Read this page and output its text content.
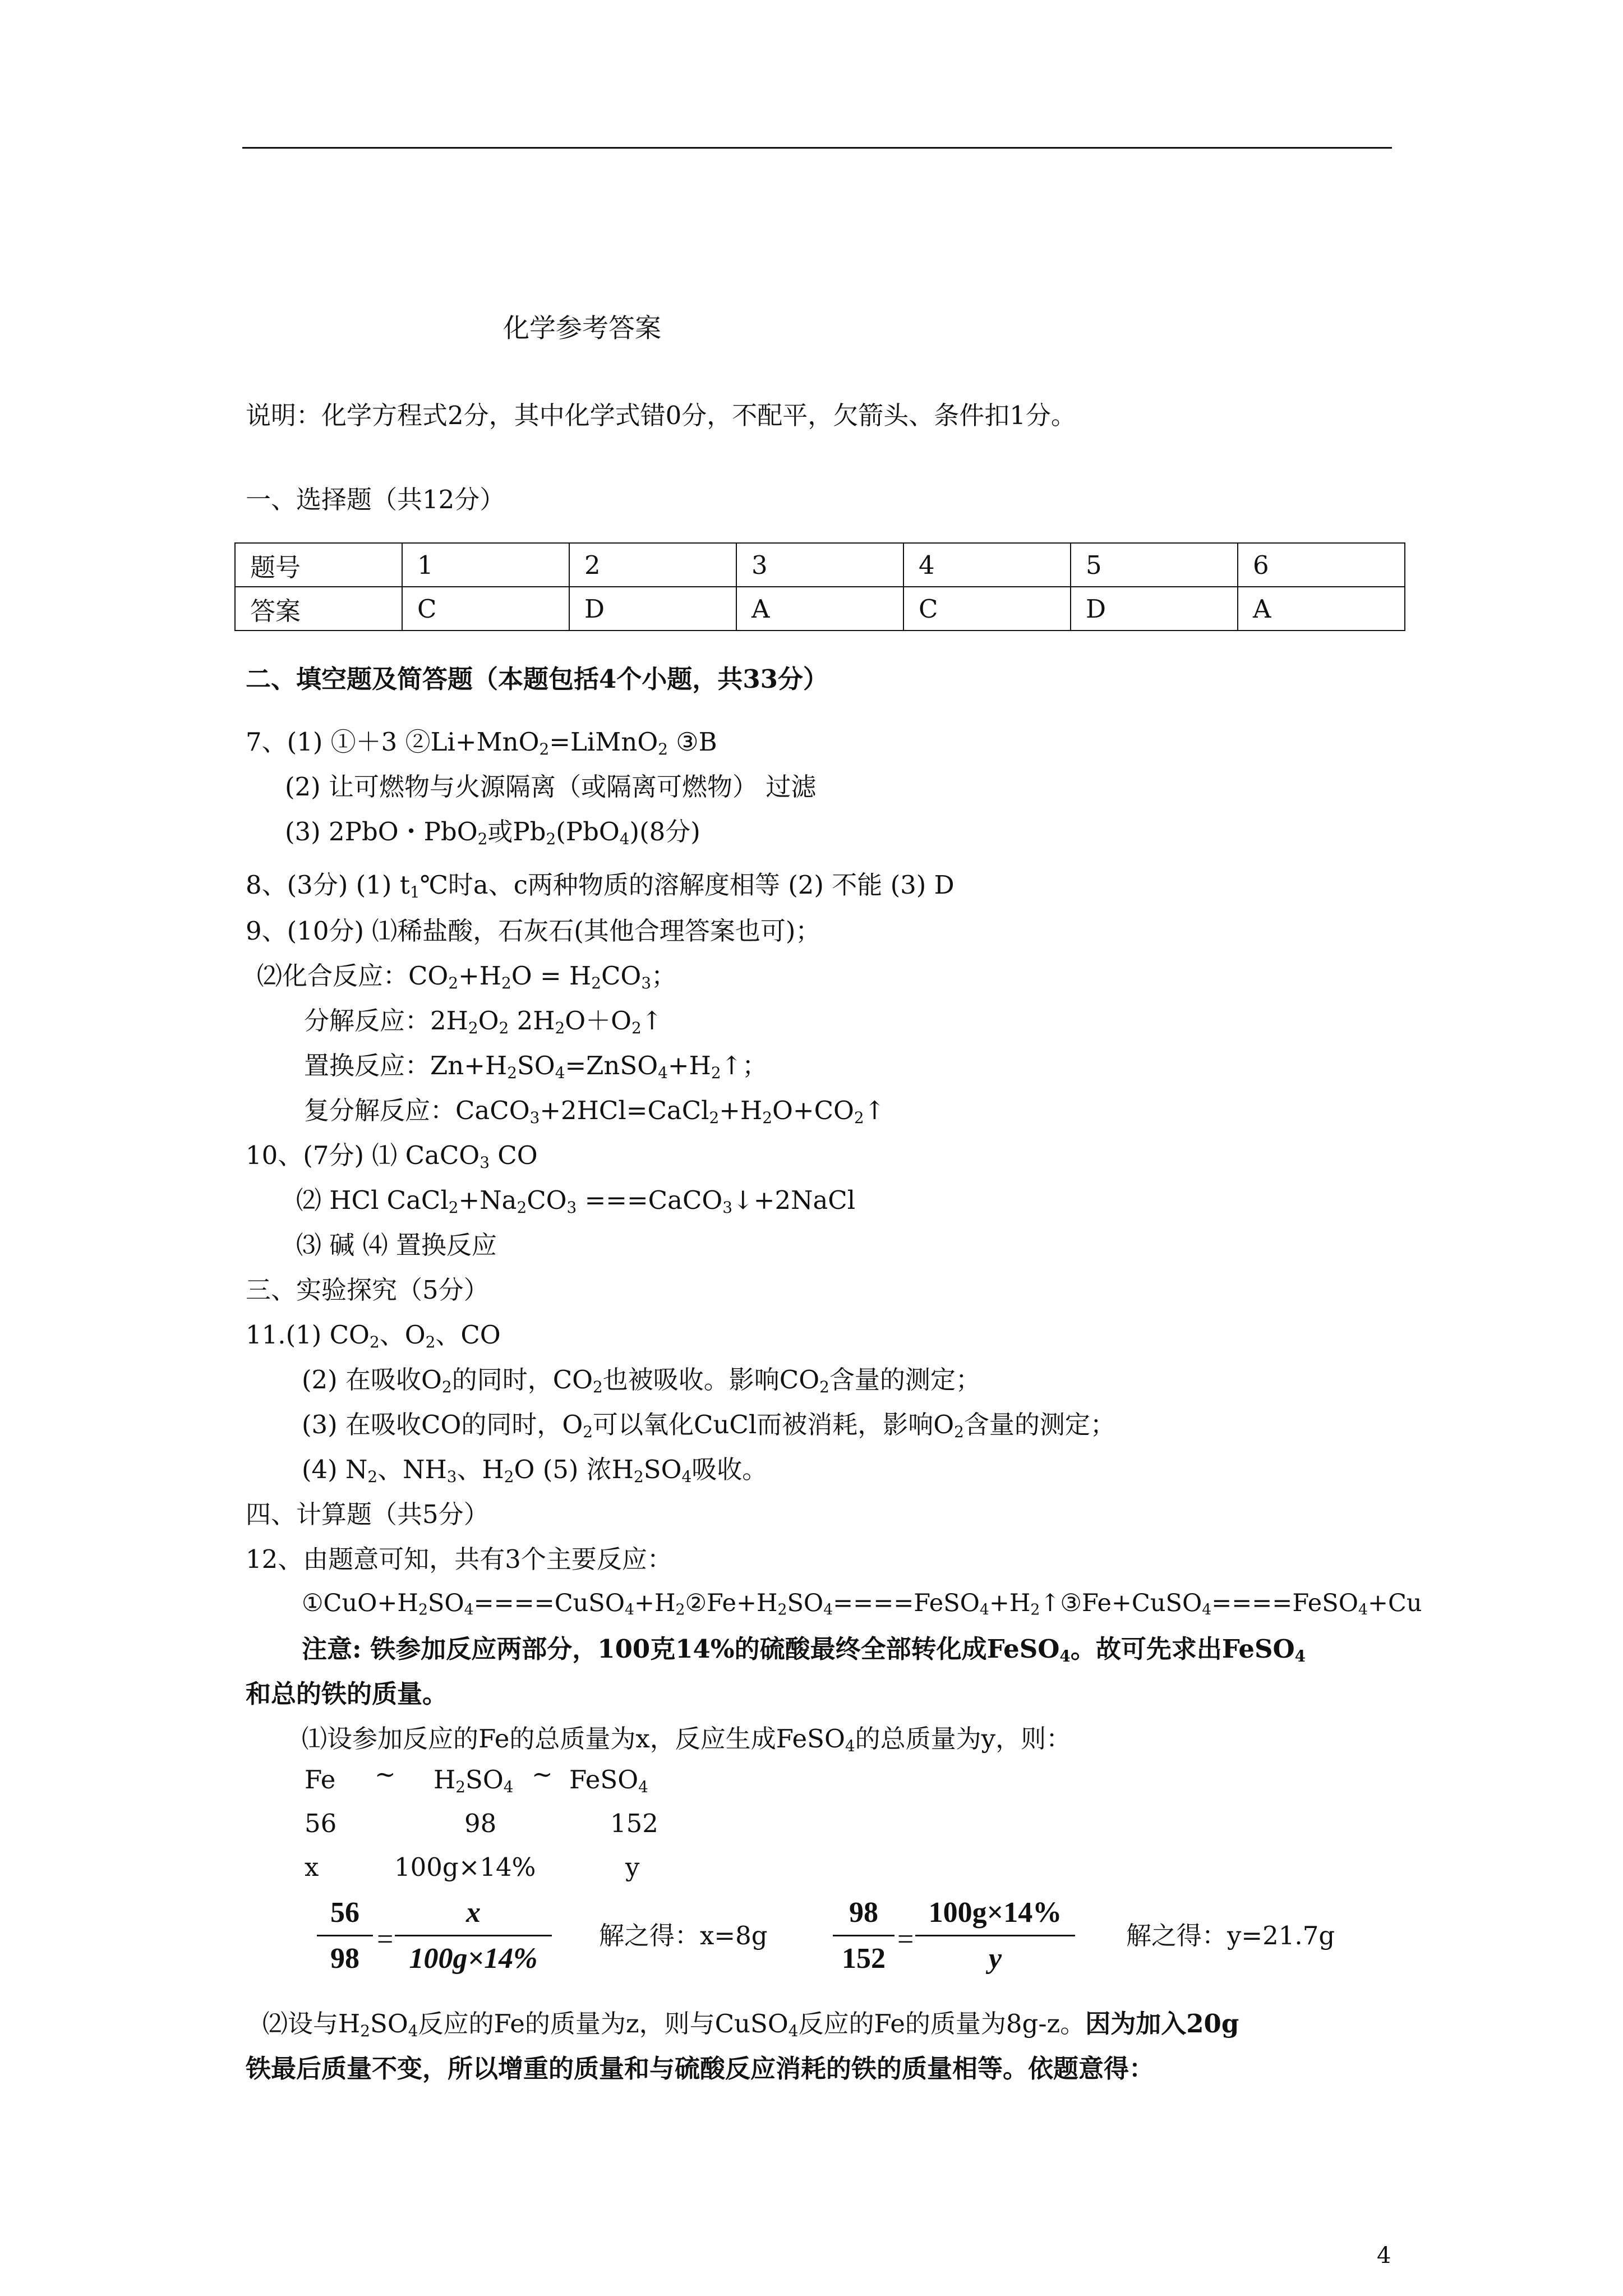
化学参考答案
说明：化学方程式2分，其中化学式错0分，不配平，欠箭头、条件扣1分。
一、选择题（共12分）
题号	1	2	3	4	5	6
答案	C	D	A	C	D	A
二、填空题及简答题（本题包括4个小题，共33分）
7、(1) ①＋3 ②Li+MnO$_2$=LiMnO$_2$ ③B
(2) 让可燃物与火源隔离（或隔离可燃物） 过滤
(3) 2PbO・PbO$_2$或$Pb_2(PbO_4)(8$分)
8、(3分) (1) $t_1℃$时a、c两种物质的溶解度相等 (2) 不能 (3) D
9、(10分) ⑴稀盐酸，石灰石(其他合理答案也可)；
⑵化合反应：$CO_2+H_2O = H_2CO_3$；
分解反应：$2H_2O_2$ $2H_2O+O_2↑$
置换反应：$Zn+H_2SO_4=ZnSO_4+H_2↑$；
复分解反应：$CaCO_3+2HCl=CaCl_2+H_2O+CO_2↑$
10、(7分) ⑴ CaCO$_3$ CO
⑵ HCl $CaCl_2+Na_2CO_3$ ===CaCO$_3$↓+2NaCl
⑶ 碱 ⑷ 置换反应
三、实验探究（5分）
11.(1) $CO_2$、$O_2$、CO
(2) 在吸收$O_2$的同时，$CO_2$也被吸收。影响$CO_2$含量的测定；
(3) 在吸收CO的同时，$O_2$可以氧化CuCl而被消耗，影响$O_2$含量的测定；
(4) $N_2$、$NH_3$、$H_2O$ (5) 浓$H_2SO_4$吸收。
四、计算题（共5分）
12、由题意可知，共有3个主要反应：
$①CuO+H_2SO_4====CuSO_4+H_2②Fe+H_2SO_4====FeSO_4+H_2↑③Fe+CuSO_4====FeSO_4+Cu$
注意: 铁参加反应两部分，100克14%的硫酸最终全部转化成FeSO$_4$。故可先求出FeSO$_4$
和总的铁的质量。
⑴设参加反应的Fe的总质量为x，反应生成FeSO$_4$的总质量为y，则：
Fe ~ $H_2SO_4$ ~ FeSO$_4$
56	98	152
x	100g×14%	y
$\frac{56}{98} = \frac{x}{100g\times 14\%}$ 解之得：$x=8g \frac{98}{152} = \frac{100g\times 14\%}{y}$ 解之得：y=21.7g
⑵设与$H_2SO_4$反应的Fe的质量为z，则与CuSO$_4$反应的Fe的质量为8g-z。因为加入20g
铁最后质量不变，所以增重的质量和与硫酸反应消耗的铁的质量相等。依题意得：
4
